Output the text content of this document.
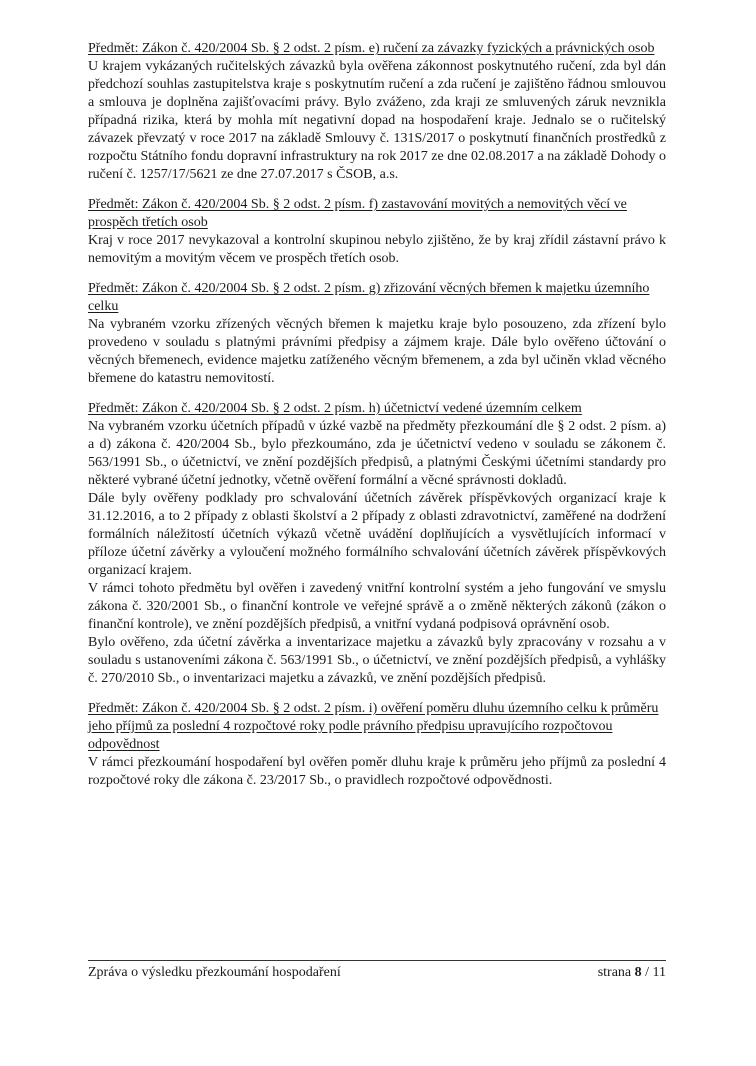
Předmět: Zákon č. 420/2004 Sb. § 2 odst. 2 písm. e) ručení za závazky fyzických a právnických osob

U krajem vykázaných ručitelských závazků byla ověřena zákonnost poskytnutého ručení, zda byl dán předchozí souhlas zastupitelstva kraje s poskytnutím ručení a zda ručení je zajištěno řádnou smlouvou a smlouva je doplněna zajišťovacími právy. Bylo zváženo, zda kraji ze smluvených záruk nevznikla případná rizika, která by mohla mít negativní dopad na hospodaření kraje. Jednalo se o ručitelský závazek převzatý v roce 2017 na základě Smlouvy č. 131S/2017 o poskytnutí finančních prostředků z rozpočtu Státního fondu dopravní infrastruktury na rok 2017 ze dne 02.08.2017 a na základě Dohody o ručení č. 1257/17/5621 ze dne 27.07.2017 s ČSOB, a.s.

Předmět: Zákon č. 420/2004 Sb. § 2 odst. 2 písm. f) zastavování movitých a nemovitých věcí ve prospěch třetích osob

Kraj v roce 2017 nevykazoval a kontrolní skupinou nebylo zjištěno, že by kraj zřídil zástavní právo k nemovitým a movitým věcem ve prospěch třetích osob.

Předmět: Zákon č. 420/2004 Sb. § 2 odst. 2 písm. g) zřizování věcných břemen k majetku územního celku

Na vybraném vzorku zřízených věcných břemen k majetku kraje bylo posouzeno, zda zřízení bylo provedeno v souladu s platnými právními předpisy a zájmem kraje. Dále bylo ověřeno účtování o věcných břemenech, evidence majetku zatíženého věcným břemenem, a zda byl učiněn vklad věcného břemene do katastru nemovitostí.

Předmět: Zákon č. 420/2004 Sb. § 2 odst. 2 písm. h) účetnictví vedené územním celkem

Na vybraném vzorku účetních případů v úzké vazbě na předměty přezkoumání dle § 2 odst. 2 písm. a) a d) zákona č. 420/2004 Sb., bylo přezkoumáno, zda je účetnictví vedeno v souladu se zákonem č. 563/1991 Sb., o účetnictví, ve znění pozdějších předpisů, a platnými Českými účetními standardy pro některé vybrané účetní jednotky, včetně ověření formální a věcné správnosti dokladů.

Dále byly ověřeny podklady pro schvalování účetních závěrek příspěvkových organizací kraje k 31.12.2016, a to 2 případy z oblasti školství a 2 případy z oblasti zdravotnictví, zaměřené na dodržení formálních náležitostí účetních výkazů včetně uvádění doplňujících a vysvětlujících informací v příloze účetní závěrky a vyloučení možného formálního schvalování účetních závěrek příspěvkových organizací krajem.

V rámci tohoto předmětu byl ověřen i zavedený vnitřní kontrolní systém a jeho fungování ve smyslu zákona č. 320/2001 Sb., o finanční kontrole ve veřejné správě a o změně některých zákonů (zákon o finanční kontrole), ve znění pozdějších předpisů, a vnitřní vydaná podpisová oprávnění osob.

Bylo ověřeno, zda účetní závěrka a inventarizace majetku a závazků byly zpracovány v rozsahu a v souladu s ustanoveními zákona č. 563/1991 Sb., o účetnictví, ve znění pozdějších předpisů, a vyhlášky č. 270/2010 Sb., o inventarizaci majetku a závazků, ve znění pozdějších předpisů.

Předmět: Zákon č. 420/2004 Sb. § 2 odst. 2 písm. i) ověření poměru dluhu územního celku k průměru jeho příjmů za poslední 4 rozpočtové roky podle právního předpisu upravujícího rozpočtovou odpovědnost

V rámci přezkoumání hospodaření byl ověřen poměr dluhu kraje k průměru jeho příjmů za poslední 4 rozpočtové roky dle zákona č. 23/2017 Sb., o pravidlech rozpočtové odpovědnosti.

Zpráva o výsledku přezkoumání hospodaření	strana 8 / 11
